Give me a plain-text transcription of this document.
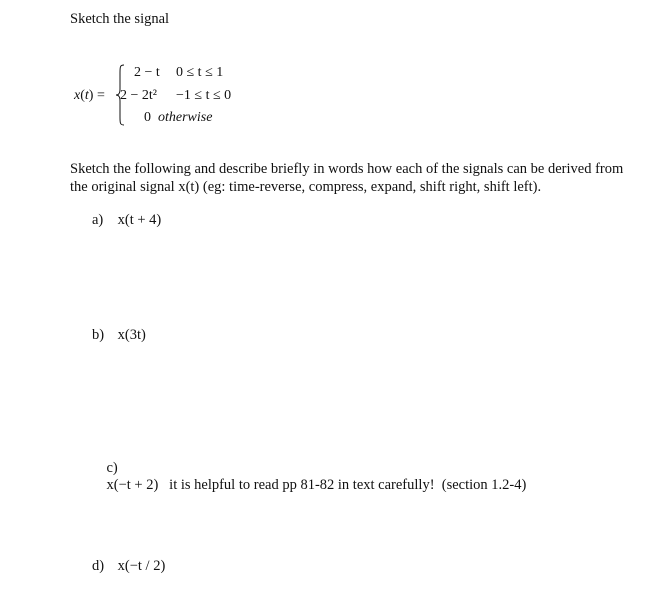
Sketch the signal
x(t) =
2 − t 0 ≤ t ≤ 1
2 − 2t² −1 ≤ t ≤ 0
0 otherwise
Sketch the following and describe briefly in words how each of the signals can be derived from the original signal x(t) (eg: time-reverse, compress, expand, shift right, shift left).
a) x(t + 4)
b) x(3t)

c)
x(−t + 2)   it is helpful to read pp 81-82 in text carefully!  (section 1.2-4)

d) x(−t / 2)
